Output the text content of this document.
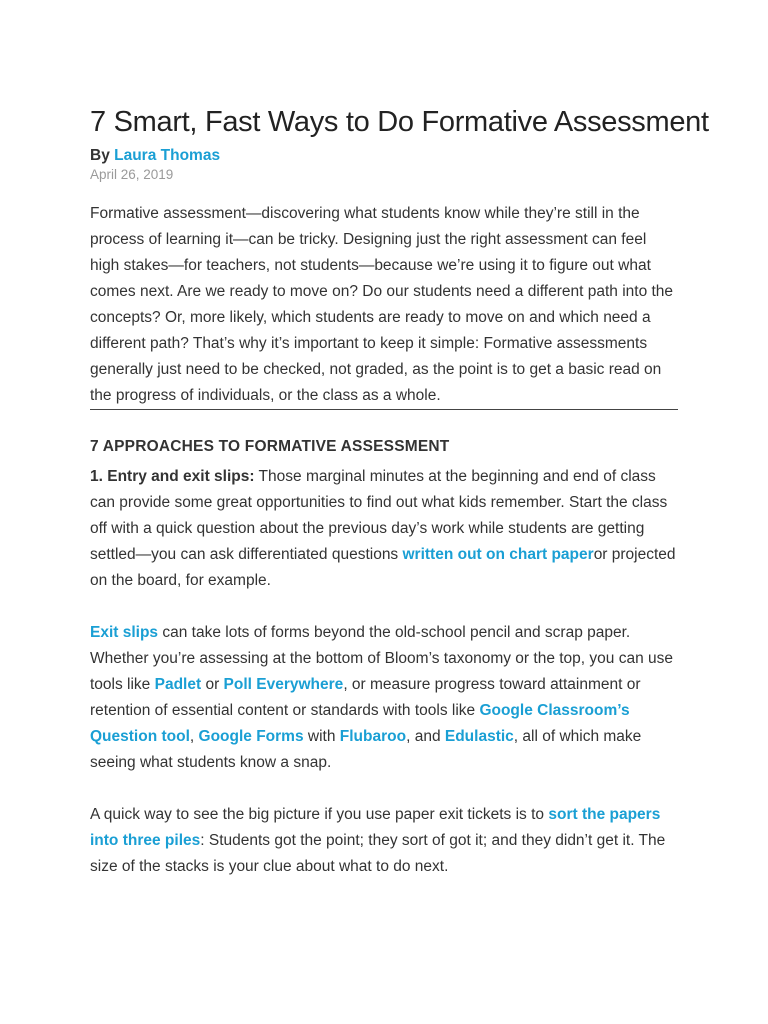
7 Smart, Fast Ways to Do Formative Assessment
By Laura Thomas
April 26, 2019
Formative assessment—discovering what students know while they’re still in the process of learning it—can be tricky. Designing just the right assessment can feel high stakes—for teachers, not students—because we’re using it to figure out what comes next. Are we ready to move on? Do our students need a different path into the concepts? Or, more likely, which students are ready to move on and which need a different path? That’s why it’s important to keep it simple: Formative assessments generally just need to be checked, not graded, as the point is to get a basic read on the progress of individuals, or the class as a whole.
7 APPROACHES TO FORMATIVE ASSESSMENT
1. Entry and exit slips: Those marginal minutes at the beginning and end of class can provide some great opportunities to find out what kids remember. Start the class off with a quick question about the previous day’s work while students are getting settled—you can ask differentiated questions written out on chart paperor projected on the board, for example.
Exit slips can take lots of forms beyond the old-school pencil and scrap paper. Whether you’re assessing at the bottom of Bloom’s taxonomy or the top, you can use tools like Padlet or Poll Everywhere, or measure progress toward attainment or retention of essential content or standards with tools like Google Classroom’s Question tool, Google Forms with Flubaroo, and Edulastic, all of which make seeing what students know a snap.
A quick way to see the big picture if you use paper exit tickets is to sort the papers into three piles: Students got the point; they sort of got it; and they didn’t get it. The size of the stacks is your clue about what to do next.
